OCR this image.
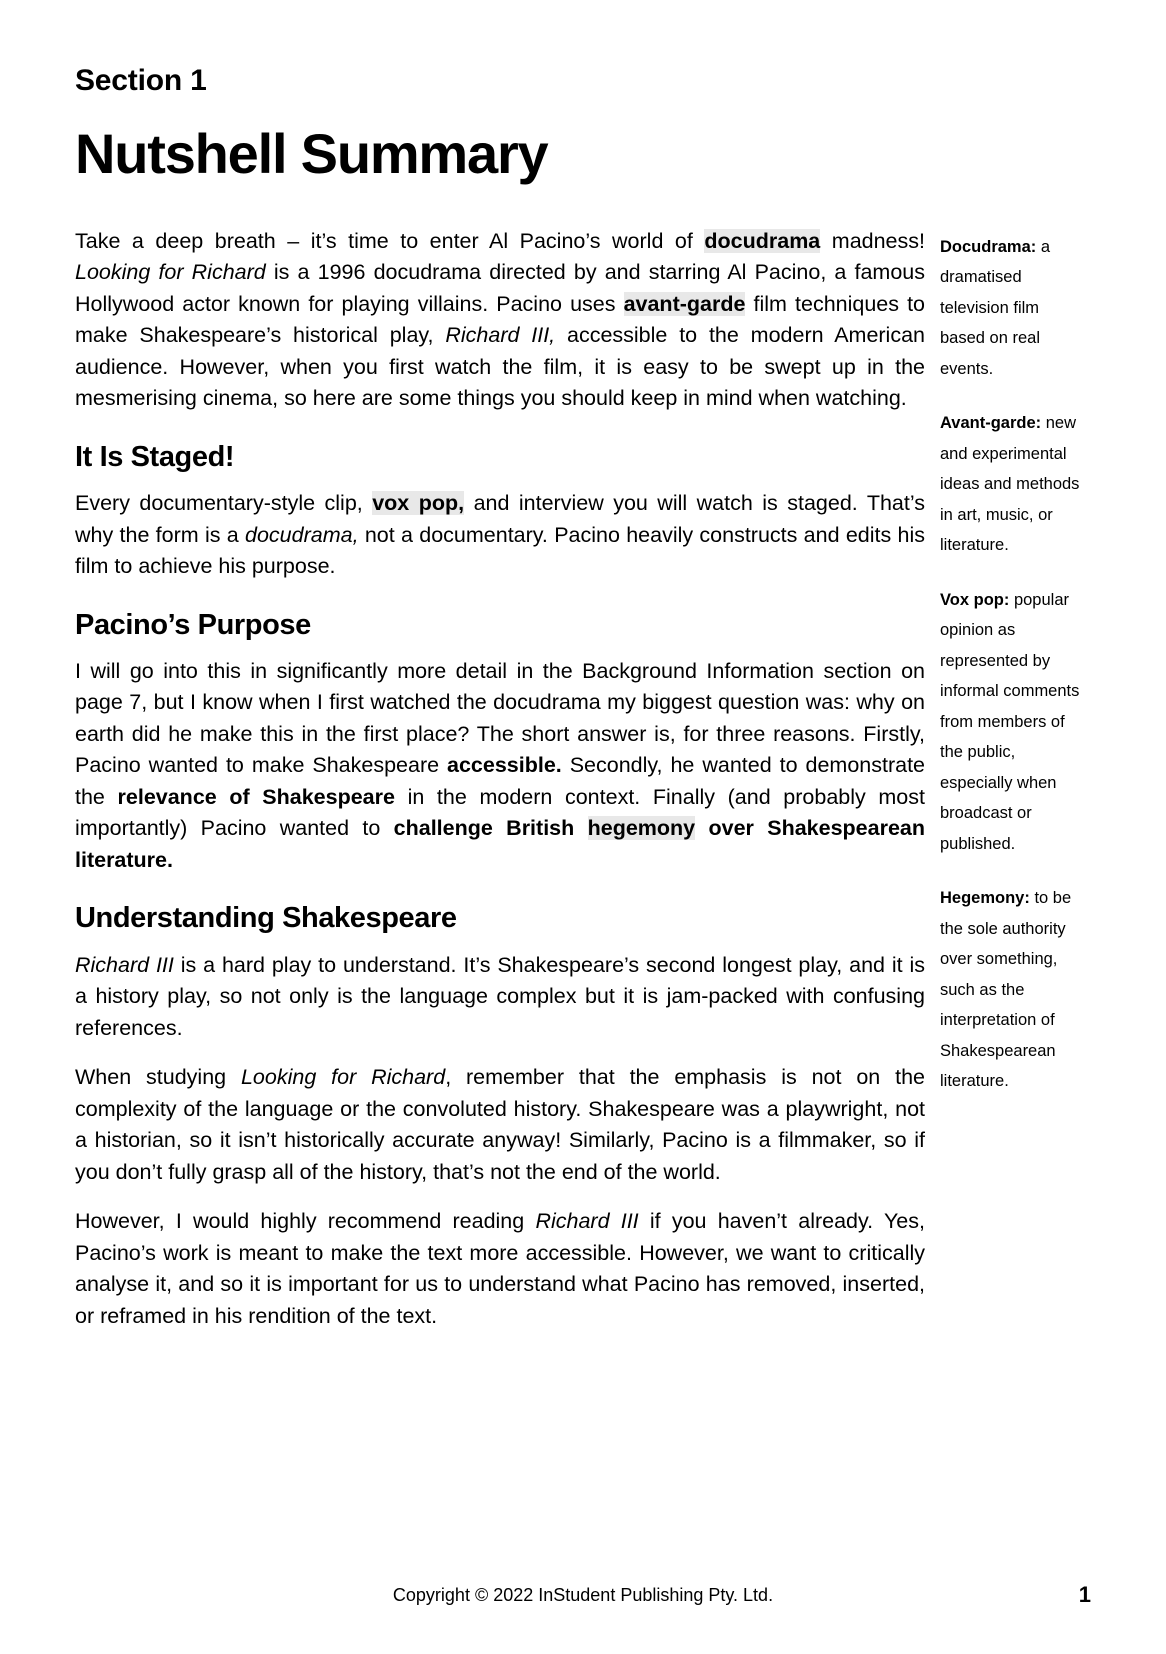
Section 1
Nutshell Summary

Take a deep breath – it’s time to enter Al Pacino’s world of docudrama madness! Looking for Richard is a 1996 docudrama directed by and starring Al Pacino, a famous Hollywood actor known for playing villains. Pacino uses avant-garde film techniques to make Shakespeare’s historical play, Richard III, accessible to the modern American audience. However, when you first watch the film, it is easy to be swept up in the mesmerising cinema, so here are some things you should keep in mind when watching.

It Is Staged!

Every documentary-style clip, vox pop, and interview you will watch is staged. That’s why the form is a docudrama, not a documentary. Pacino heavily constructs and edits his film to achieve his purpose.

Pacino’s Purpose

I will go into this in significantly more detail in the Background Information section on page 7, but I know when I first watched the docudrama my biggest question was: why on earth did he make this in the first place? The short answer is, for three reasons. Firstly, Pacino wanted to make Shakespeare accessible. Secondly, he wanted to demonstrate the relevance of Shakespeare in the modern context. Finally (and probably most importantly) Pacino wanted to challenge British hegemony over Shakespearean literature.

Understanding Shakespeare

Richard III is a hard play to understand. It’s Shakespeare’s second longest play, and it is a history play, so not only is the language complex but it is jam-packed with confusing references.

When studying Looking for Richard, remember that the emphasis is not on the complexity of the language or the convoluted history. Shakespeare was a playwright, not a historian, so it isn’t historically accurate anyway! Similarly, Pacino is a filmmaker, so if you don’t fully grasp all of the history, that’s not the end of the world.

However, I would highly recommend reading Richard III if you haven’t already. Yes, Pacino’s work is meant to make the text more accessible. However, we want to critically analyse it, and so it is important for us to understand what Pacino has removed, inserted, or reframed in his rendition of the text.

Docudrama: a dramatised television film based on real events.

Avant-garde: new and experimental ideas and methods in art, music, or literature.

Vox pop: popular opinion as represented by informal comments from members of the public, especially when broadcast or published.

Hegemony: to be the sole authority over something, such as the interpretation of Shakespearean literature.

Copyright © 2022 InStudent Publishing Pty. Ltd.	1
